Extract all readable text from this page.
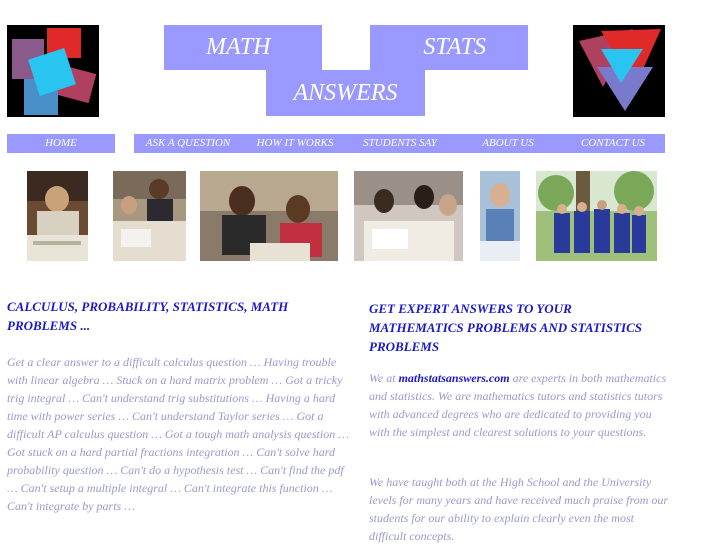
MATH	STATS
ANSWERS
HOME	ASK A QUESTION	HOW IT WORKS	STUDENTS SAY	ABOUT US	CONTACT US
CALCULUS, PROBABILITY, STATISTICS, MATH PROBLEMS ...

Get a clear answer to a difficult calculus question … Having trouble with linear algebra … Stuck on a hard matrix problem … Got a tricky trig integral … Can't understand trig substitutions … Having a hard time with power series … Can't understand Taylor series … Got a difficult AP calculus question … Got a tough math analysis question … Got stuck on a hard partial fractions integration … Can't solve hard probability question … Can't do a hypothesis test … Can't find the pdf … Can't setup a multiple integral … Can't integrate this function … Can't integrate by parts …

GET EXPERT ANSWERS TO YOUR MATHEMATICS PROBLEMS AND STATISTICS PROBLEMS

We at mathstatsanswers.com are experts in both mathematics and statistics. We are mathematics tutors and statistics tutors with advanced degrees who are dedicated to providing you with the simplest and clearest solutions to your questions.

We have taught both at the High School and the University levels for many years and have received much praise from our students for our ability to explain clearly even the most difficult concepts.
